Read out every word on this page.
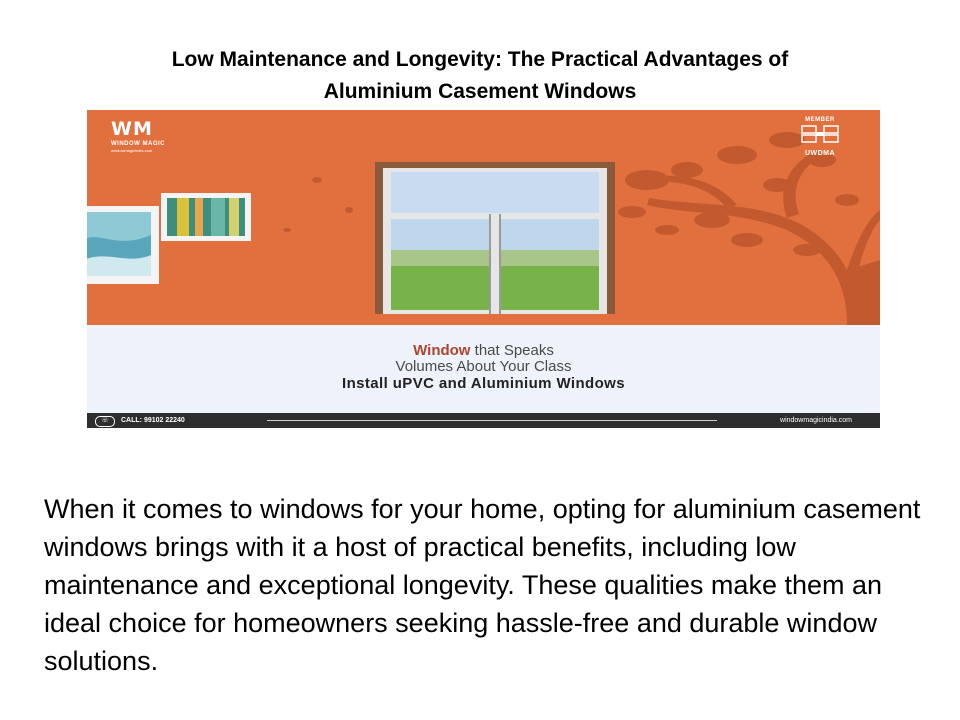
Low Maintenance and Longevity: The Practical Advantages of Aluminium Casement Windows
WM
WINDOW MAGIC
windowmagicindia.com
MEMBER
UWDMA
Window that Speaks
Volumes About Your Class
Install uPVC and Aluminium Windows
☏	CALL: 99102 22240	windowmagicindia.com
When it comes to windows for your home, opting for aluminium casement windows brings with it a host of practical benefits, including low maintenance and exceptional longevity. These qualities make them an ideal choice for homeowners seeking hassle-free and durable window solutions.
